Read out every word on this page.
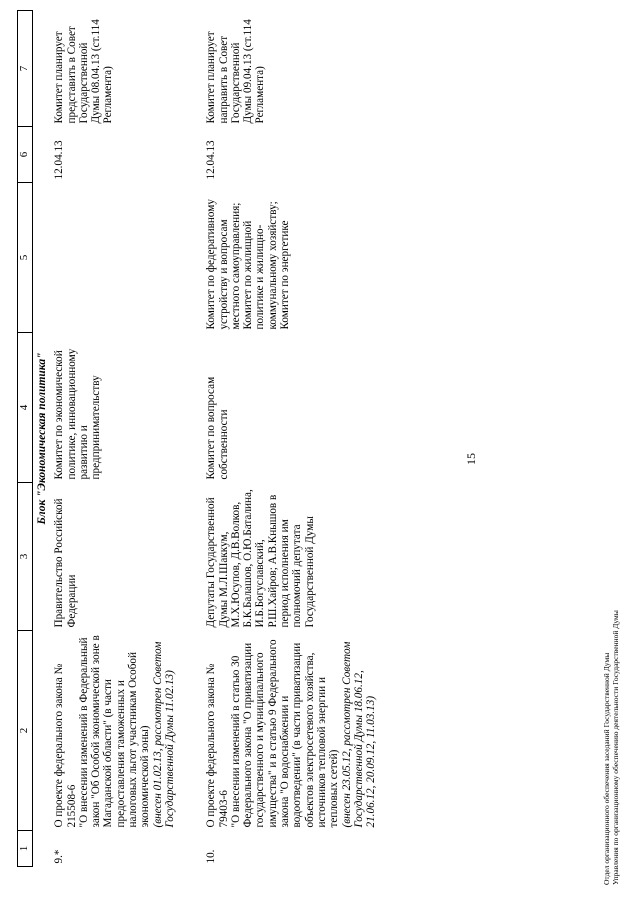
15
1	2	3	4	5	6	7
Блок "Экономическая политика"						
9.*	О проекте федерального закона № 215508-6 "О внесении изменений в Федеральный закон "Об Особой экономической зоне в Магаданской области" (в части предоставления таможенных и налоговых льгот участникам Особой экономической зоны) (внесен 01.02.13, рассмотрен Советом Государственной Думы 11.02.13)	Правительство Российской Федерации	Комитет по экономической политике, инновационному развитию и предпринимательству		12.04.13	Комитет планирует представить в Совет Государственной Думы 08.04.13 (ст.114 Регламента)
10.	О проекте федерального закона № 79403-6 "О внесении изменений в статью 30 Федерального закона "О приватизации государственного и муниципального имущества" и в статью 9 Федерального закона "О водоснабжении и водоотведении" (в части приватизации объектов электросетевого хозяйства, источников тепловой энергии и тепловых сетей) (внесен 23.05.12, рассмотрен Советом Государственной Думы 18.06.12, 21.06.12, 20.09.12, 11.03.13)	Депутаты Государственной Думы М.Л.Шаккум, М.Х.Юсупов, Д.В.Волков, Б.К.Балашов, О.Ю.Баталина, И.Б.Богуславский, Р.Ш.Хайров; А.В.Кнышов в период исполнения им полномочий депутата Государственной Думы	Комитет по вопросам собственности	Комитет по федеративному устройству и вопросам местного самоуправления; Комитет по жилищной политике и жилищно-коммунальному хозяйству; Комитет по энергетике	12.04.13	Комитет планирует направить в Совет Государственной Думы 09.04.13 (ст.114 Регламента)
Отдел организационного обеспечения заседаний Государственной Думы Управления по организационному обеспечению деятельности Государственной Думы
